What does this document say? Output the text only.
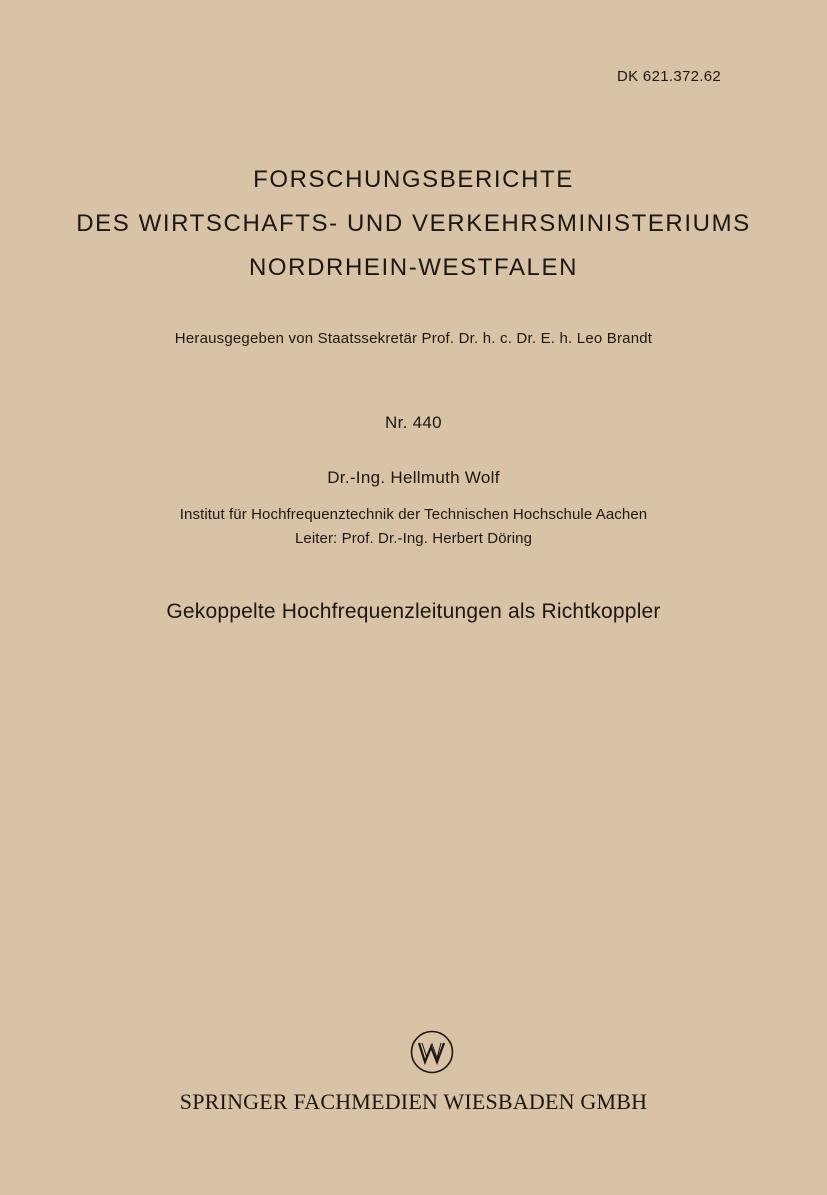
DK 621.372.62
FORSCHUNGSBERICHTE
DES WIRTSCHAFTS- UND VERKEHRSMINISTERIUMS
NORDRHEIN-WESTFALEN
Herausgegeben von Staatssekretär Prof. Dr. h. c. Dr. E. h. Leo Brandt
Nr. 440
Dr.-Ing. Hellmuth Wolf
Institut für Hochfrequenztechnik der Technischen Hochschule Aachen
Leiter: Prof. Dr.-Ing. Herbert Döring
Gekoppelte Hochfrequenzleitungen als Richtkoppler
SPRINGER FACHMEDIEN WIESBADEN GMBH
